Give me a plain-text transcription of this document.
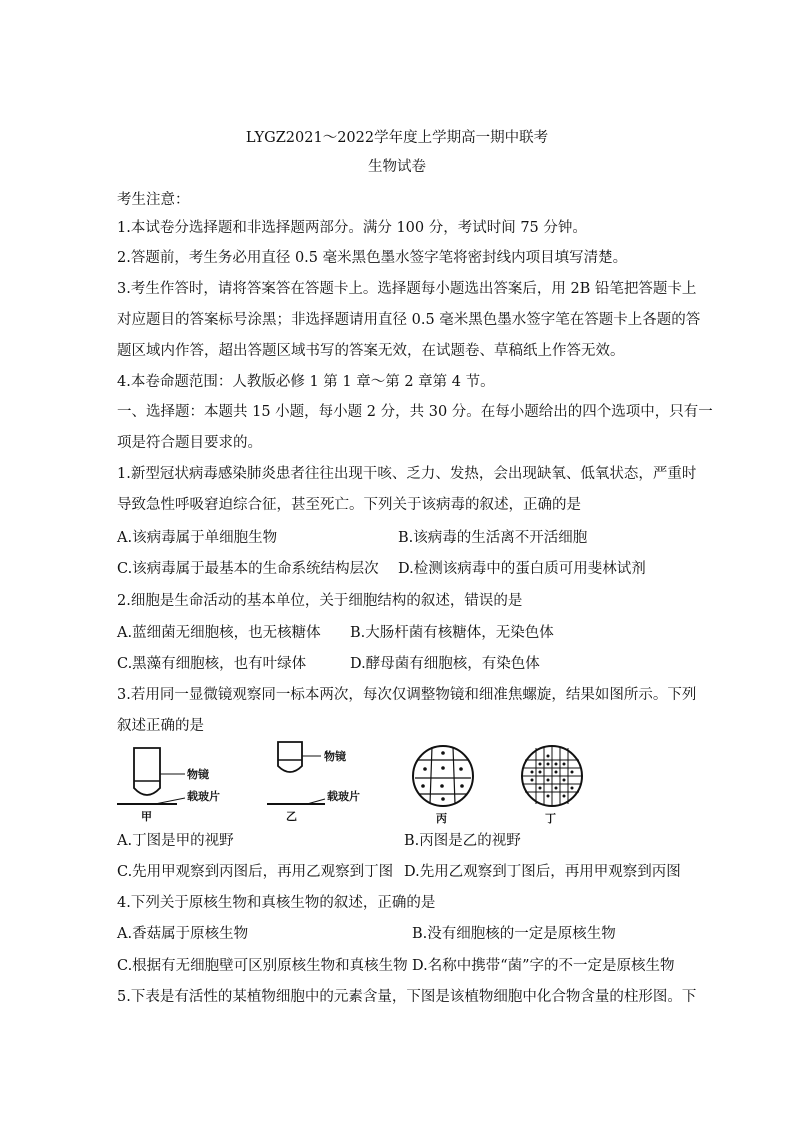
LYGZ2021～2022学年度上学期高一期中联考
生物试卷
考生注意：
1.本试卷分选择题和非选择题两部分。满分 100 分，考试时间 75 分钟。
2.答题前，考生务必用直径 0.5 毫米黑色墨水签字笔将密封线内项目填写清楚。
3.考生作答时，请将答案答在答题卡上。选择题每小题选出答案后，用 2B 铅笔把答题卡上
对应题目的答案标号涂黑；非选择题请用直径 0.5 毫米黑色墨水签字笔在答题卡上各题的答
题区域内作答，超出答题区域书写的答案无效，在试题卷、草稿纸上作答无效。
4.本卷命题范围：人教版必修 1 第 1 章～第 2 章第 4 节。
一、选择题：本题共 15 小题，每小题 2 分，共 30 分。在每小题给出的四个选项中，只有一
项是符合题目要求的。
1.新型冠状病毒感染肺炎患者往往出现干咳、乏力、发热，会出现缺氧、低氧状态，严重时
导致急性呼吸窘迫综合征，甚至死亡。下列关于该病毒的叙述，正确的是
A.该病毒属于单细胞生物	B.该病毒的生活离不开活细胞
C.该病毒属于最基本的生命系统结构层次 D.检测该病毒中的蛋白质可用斐林试剂
2.细胞是生命活动的基本单位，关于细胞结构的叙述，错误的是
A.蓝细菌无细胞核，也无核糖体 B.大肠杆菌有核糖体，无染色体
C.黑藻有细胞核，也有叶绿体	D.酵母菌有细胞核，有染色体
3.若用同一显微镜观察同一标本两次，每次仅调整物镜和细准焦螺旋，结果如图所示。下列
叙述正确的是
物镜
载玻片
甲
物镜
载玻片
乙	丙	丁
A.丁图是甲的视野	B.丙图是乙的视野
C.先用甲观察到丙图后，再用乙观察到丁图 D.先用乙观察到丁图后，再用甲观察到丙图
4.下列关于原核生物和真核生物的叙述，正确的是
A.香菇属于原核生物	B.没有细胞核的一定是原核生物
C.根据有无细胞壁可区别原核生物和真核生物 D.名称中携带“菌”字的不一定是原核生物
5.下表是有活性的某植物细胞中的元素含量，下图是该植物细胞中化合物含量的柱形图。下
